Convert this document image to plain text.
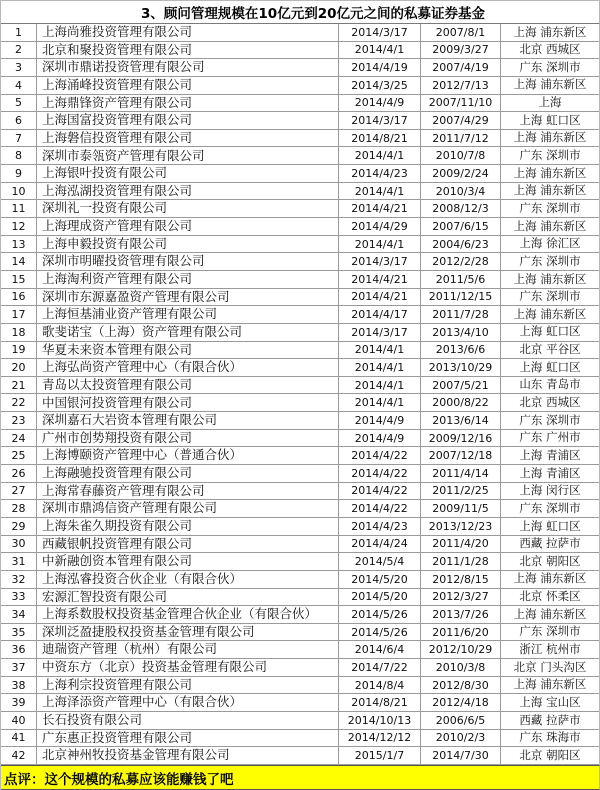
3、顾问管理规模在10亿元到20亿元之间的私募证券基金
1	上海尚雅投资管理有限公司	2014/3/17	2007/8/1	上海 浦东新区
2	北京和聚投资管理有限公司	2014/4/1	2009/3/27	北京 西城区
3	深圳市鼎诺投资管理有限公司	2014/4/19	2007/4/19	广东 深圳市
4	上海涌峰投资管理有限公司	2014/3/25	2012/7/13	上海 浦东新区
5	上海鼎锋资产管理有限公司	2014/4/9	2007/11/10	上海
6	上海国富投资管理有限公司	2014/3/17	2007/4/29	上海 虹口区
7	上海磐信投资管理有限公司	2014/8/21	2011/7/12	上海 浦东新区
8	深圳市泰瓴资产管理有限公司	2014/4/1	2010/7/8	广东 深圳市
9	上海银叶投资有限公司	2014/4/23	2009/2/24	上海 浦东新区
10	上海泓湖投资管理有限公司	2014/4/1	2010/3/4	上海 浦东新区
11	深圳礼一投资有限公司	2014/4/21	2008/12/3	广东 深圳市
12	上海理成资产管理有限公司	2014/4/29	2007/6/15	上海 浦东新区
13	上海申毅投资有限公司	2014/4/1	2004/6/23	上海 徐汇区
14	深圳市明曜投资管理有限公司	2014/3/17	2012/2/28	广东 深圳市
15	上海淘利资产管理有限公司	2014/4/21	2011/5/6	上海 浦东新区
16	深圳市东源嘉盈资产管理有限公司	2014/4/21	2011/12/15	广东 深圳市
17	上海恒基浦业资产管理有限公司	2014/4/17	2011/7/28	上海 浦东新区
18	歌斐诺宝（上海）资产管理有限公司	2014/3/17	2013/4/10	上海 虹口区
19	华夏未来资本管理有限公司	2014/4/1	2013/6/6	北京 平谷区
20	上海弘尚资产管理中心（有限合伙）	2014/4/1	2013/10/29	上海 虹口区
21	青岛以太投资管理有限公司	2014/4/1	2007/5/21	山东 青岛市
22	中国银河投资管理有限公司	2014/4/1	2000/8/22	北京 西城区
23	深圳嘉石大岩资本管理有限公司	2014/4/9	2013/6/14	广东 深圳市
24	广州市创势翔投资有限公司	2014/4/9	2009/12/16	广东 广州市
25	上海博颐资产管理中心（普通合伙）	2014/4/22	2007/12/18	上海 青浦区
26	上海融驰投资管理有限公司	2014/4/22	2011/4/14	上海 青浦区
27	上海常春藤资产管理有限公司	2014/4/22	2011/2/25	上海 闵行区
28	深圳市鼎鸿信资产管理有限公司	2014/4/22	2009/11/5	广东 深圳市
29	上海朱雀久期投资有限公司	2014/4/23	2013/12/23	上海 虹口区
30	西藏银帆投资管理有限公司	2014/4/24	2011/4/20	西藏 拉萨市
31	中新融创资本管理有限公司	2014/5/4	2011/1/28	北京 朝阳区
32	上海泓睿投资合伙企业（有限合伙）	2014/5/20	2012/8/15	上海 浦东新区
33	宏源汇智投资有限公司	2014/5/20	2012/3/27	北京 怀柔区
34	上海系数股权投资基金管理合伙企业（有限合伙）	2014/5/26	2013/7/26	上海 浦东新区
35	深圳泛盈捷股权投资基金管理有限公司	2014/5/26	2011/6/20	广东 深圳市
36	迪瑞资产管理（杭州）有限公司	2014/6/4	2012/10/29	浙江 杭州市
37	中资东方（北京）投资基金管理有限公司	2014/7/22	2010/3/8	北京 门头沟区
38	上海利宗投资管理有限公司	2014/8/4	2012/8/30	上海 浦东新区
39	上海泽添资产管理中心（有限合伙）	2014/8/21	2012/4/18	上海 宝山区
40	长石投资有限公司	2014/10/13	2006/6/5	西藏 拉萨市
41	广东惠正投资管理有限公司	2014/12/12	2010/2/3	广东 珠海市
42	北京神州牧投资基金管理有限公司	2015/1/7	2014/7/30	北京 朝阳区
点评：这个规模的私募应该能赚钱了吧
